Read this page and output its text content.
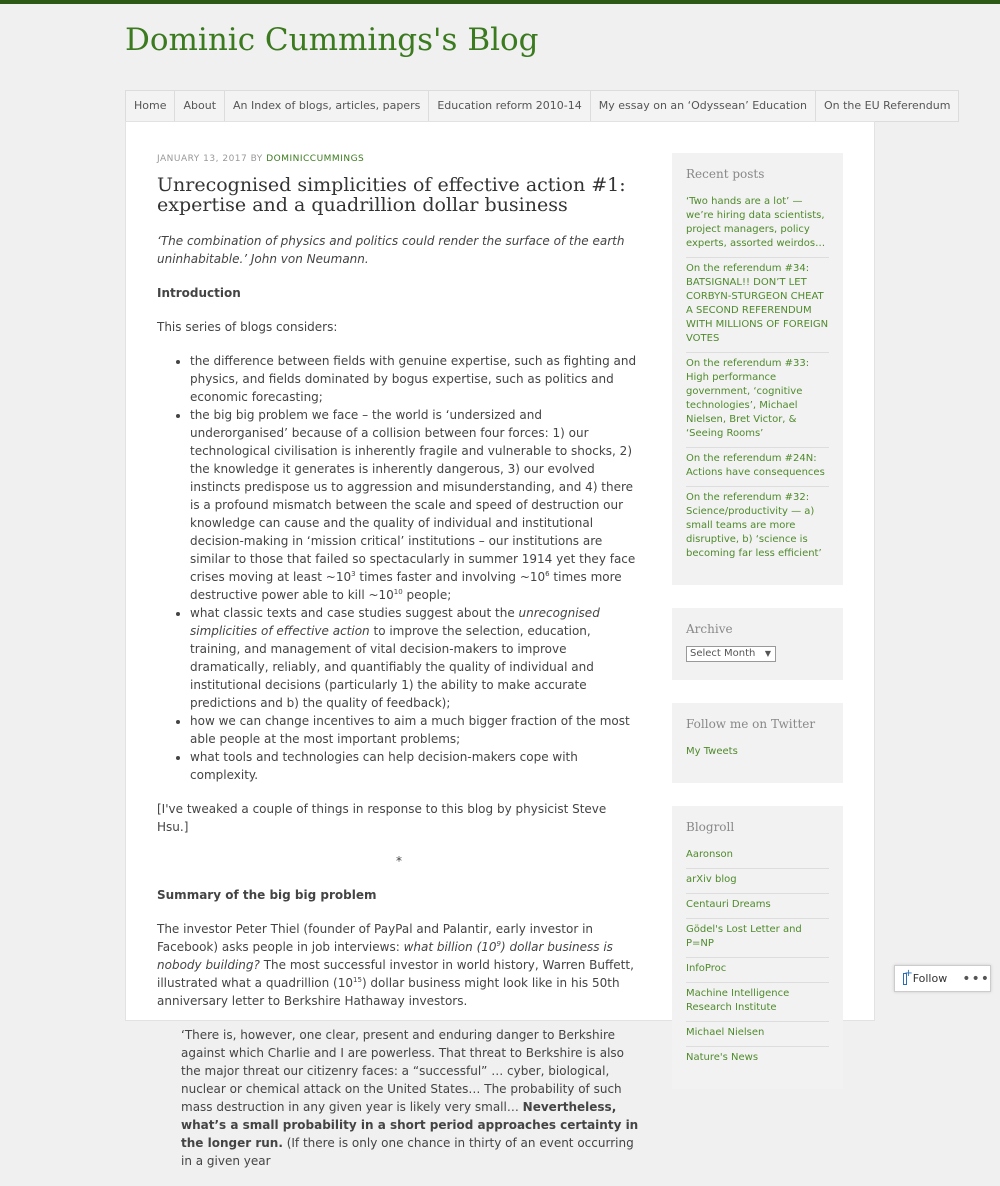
Dominic Cummings's Blog
Home	About	An Index of blogs, articles, papers	Education reform 2010-14	My essay on an ‘Odyssean’ Education	On the EU Referendum
JANUARY 13, 2017 BY DOMINICCUMMINGS
Unrecognised simplicities of effective action #1: expertise and a quadrillion dollar business

‘The combination of physics and politics could render the surface of the earth uninhabitable.’ John von Neumann.

Introduction

This series of blogs considers:

• the difference between fields with genuine expertise, such as fighting and physics, and fields dominated by bogus expertise, such as politics and economic forecasting;
• the big big problem we face – the world is ‘undersized and underorganised’ because of a collision between four forces: 1) our technological civilisation is inherently fragile and vulnerable to shocks, 2) the knowledge it generates is inherently dangerous, 3) our evolved instincts predispose us to aggression and misunderstanding, and 4) there is a profound mismatch between the scale and speed of destruction our knowledge can cause and the quality of individual and institutional decision-making in ‘mission critical’ institutions – our institutions are similar to those that failed so spectacularly in summer 1914 yet they face crises moving at least $\sim 10^3$ times faster and involving $\sim 10^6$ times more destructive power able to kill $\sim 10^{10}$ people;
• what classic texts and case studies suggest about the unrecognised simplicities of effective action to improve the selection, education, training, and management of vital decision-makers to improve dramatically, reliably, and quantifiably the quality of individual and institutional decisions (particularly 1) the ability to make accurate predictions and b) the quality of feedback);
• how we can change incentives to aim a much bigger fraction of the most able people at the most important problems;
• what tools and technologies can help decision-makers cope with complexity.

[I've tweaked a couple of things in response to this blog by physicist Steve Hsu.]

*

Summary of the big big problem

The investor Peter Thiel (founder of PayPal and Palantir, early investor in Facebook) asks people in job interviews: what billion $(10^9)$ dollar business is nobody building? The most successful investor in world history, Warren Buffett, illustrated what a quadrillion $(10^{15})$ dollar business might look like in his 50th anniversary letter to Berkshire Hathaway investors.

‘There is, however, one clear, present and enduring danger to Berkshire against which Charlie and I are powerless. That threat to Berkshire is also the major threat our citizenry faces: a “successful” … cyber, biological, nuclear or chemical attack on the United States… The probability of such mass destruction in any given year is likely very small… Nevertheless, what’s a small probability in a short period approaches certainty in the longer run. (If there is only one chance in thirty of an event occurring in a given year

Recent posts
‘Two hands are a lot’ — we’re hiring data scientists, project managers, policy experts, assorted weirdos…
On the referendum #34: BATSIGNAL!! DON’T LET CORBYN-STURGEON CHEAT A SECOND REFERENDUM WITH MILLIONS OF FOREIGN VOTES
On the referendum #33: High performance government, ‘cognitive technologies’, Michael Nielsen, Bret Victor, & ‘Seeing Rooms’
On the referendum #24N: Actions have consequences
On the referendum #32: Science/productivity — a) small teams are more disruptive, b) ‘science is becoming far less efficient’
Archive
Select Month ▼
Follow me on Twitter
My Tweets
Blogroll
Aaronson
arXiv blog
Centauri Dreams
Gödel's Lost Letter and P=NP
InfoProc
Machine Intelligence Research Institute
Michael Nielsen
Nature's News
+
Follow •••
